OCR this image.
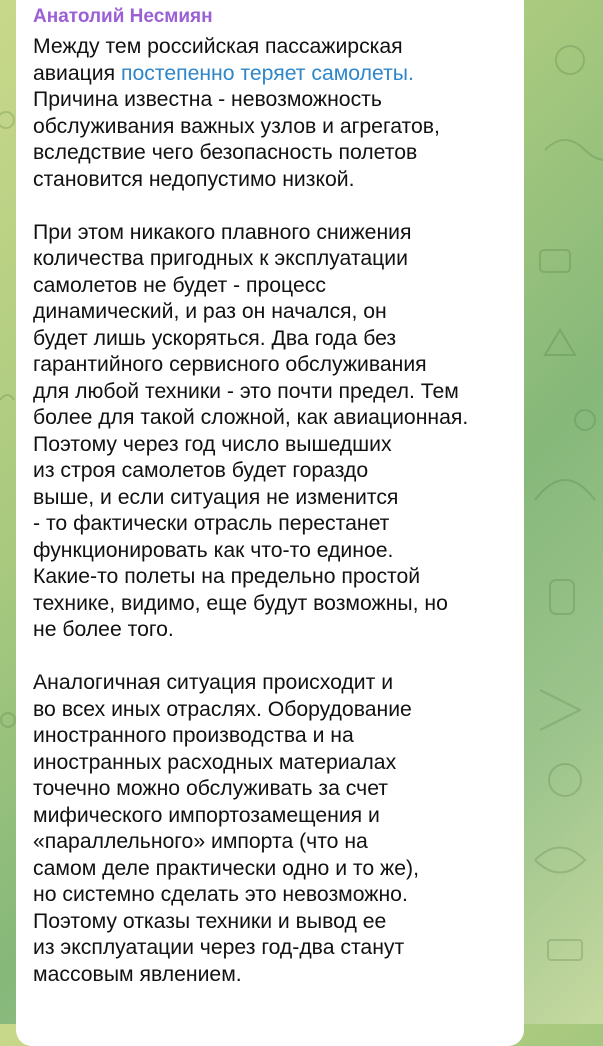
Анатолий Несмиян
Между тем российская пассажирская
авиация постепенно теряет самолеты.
Причина известна - невозможность
обслуживания важных узлов и агрегатов,
вследствие чего безопасность полетов
становится недопустимо низкой.
При этом никакого плавного снижения
количества пригодных к эксплуатации
самолетов не будет - процесс
динамический, и раз он начался, он
будет лишь ускоряться. Два года без
гарантийного сервисного обслуживания
для любой техники - это почти предел. Тем
более для такой сложной, как авиационная.
Поэтому через год число вышедших
из строя самолетов будет гораздо
выше, и если ситуация не изменится
- то фактически отрасль перестанет
функционировать как что-то единое.
Какие-то полеты на предельно простой
технике, видимо, еще будут возможны, но
не более того.
Аналогичная ситуация происходит и
во всех иных отраслях. Оборудование
иностранного производства и на
иностранных расходных материалах
точечно можно обслуживать за счет
мифического импортозамещения и
«параллельного» импорта (что на
самом деле практически одно и то же),
но системно сделать это невозможно.
Поэтому отказы техники и вывод ее
из эксплуатации через год-два станут
массовым явлением.
